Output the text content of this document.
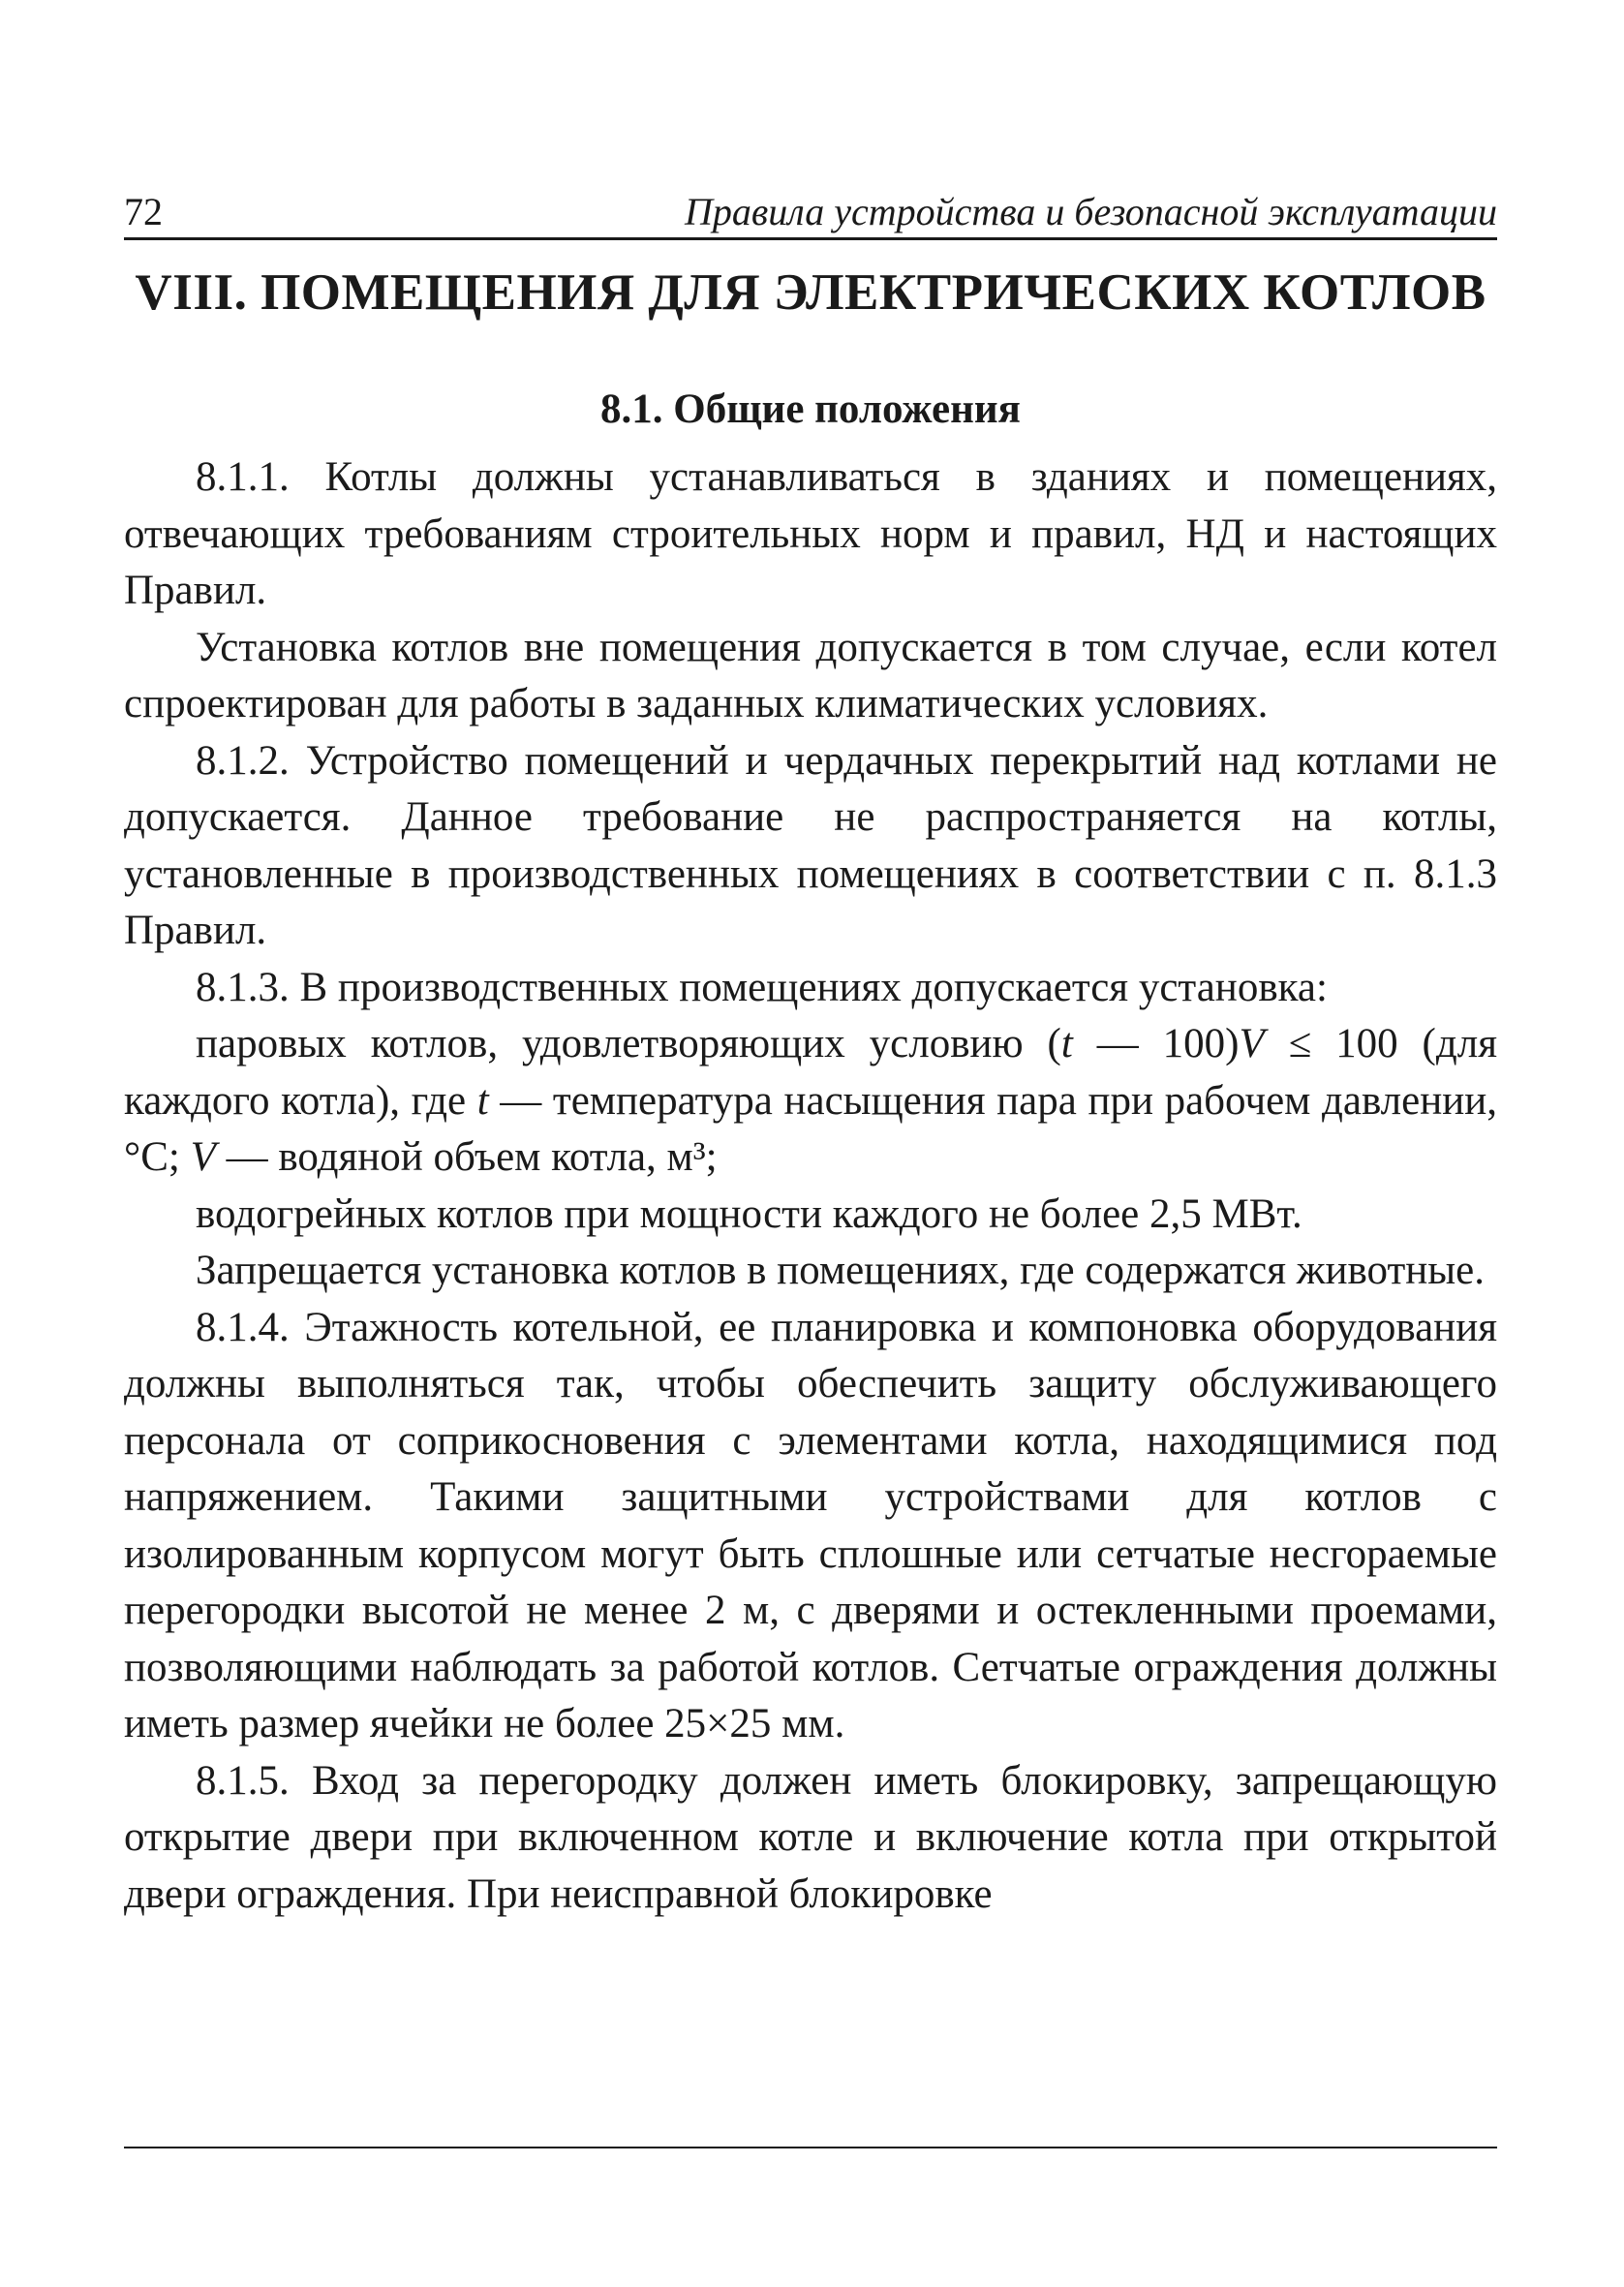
72	Правила устройства и безопасной эксплуатации
VIII. ПОМЕЩЕНИЯ ДЛЯ ЭЛЕКТРИЧЕСКИХ КОТЛОВ
8.1. Общие положения

8.1.1. Котлы должны устанавливаться в зданиях и помещениях, отвечающих требованиям строительных норм и правил, НД и настоящих Правил.

Установка котлов вне помещения допускается в том случае, если котел спроектирован для работы в заданных климатических условиях.

8.1.2. Устройство помещений и чердачных перекрытий над котлами не допускается. Данное требование не распространяется на котлы, установленные в производственных помещениях в соответствии с п. 8.1.3 Правил.

8.1.3. В производственных помещениях допускается установка:

паровых котлов, удовлетворяющих условию (t — 100)V ≤ 100 (для каждого котла), где t — температура насыщения пара при рабочем давлении, °С; V — водяной объем котла, м³;

водогрейных котлов при мощности каждого не более 2,5 МВт.

Запрещается установка котлов в помещениях, где содержатся животные.

8.1.4. Этажность котельной, ее планировка и компоновка оборудования должны выполняться так, чтобы обеспечить защиту обслуживающего персонала от соприкосновения с элементами котла, находящимися под напряжением. Такими защитными устройствами для котлов с изолированным корпусом могут быть сплошные или сетчатые несгораемые перегородки высотой не менее 2 м, с дверями и остекленными проемами, позволяющими наблюдать за работой котлов. Сетчатые ограждения должны иметь размер ячейки не более 25×25 мм.

8.1.5. Вход за перегородку должен иметь блокировку, запрещающую открытие двери при включенном котле и включение котла при открытой двери ограждения. При неисправной блокировке
